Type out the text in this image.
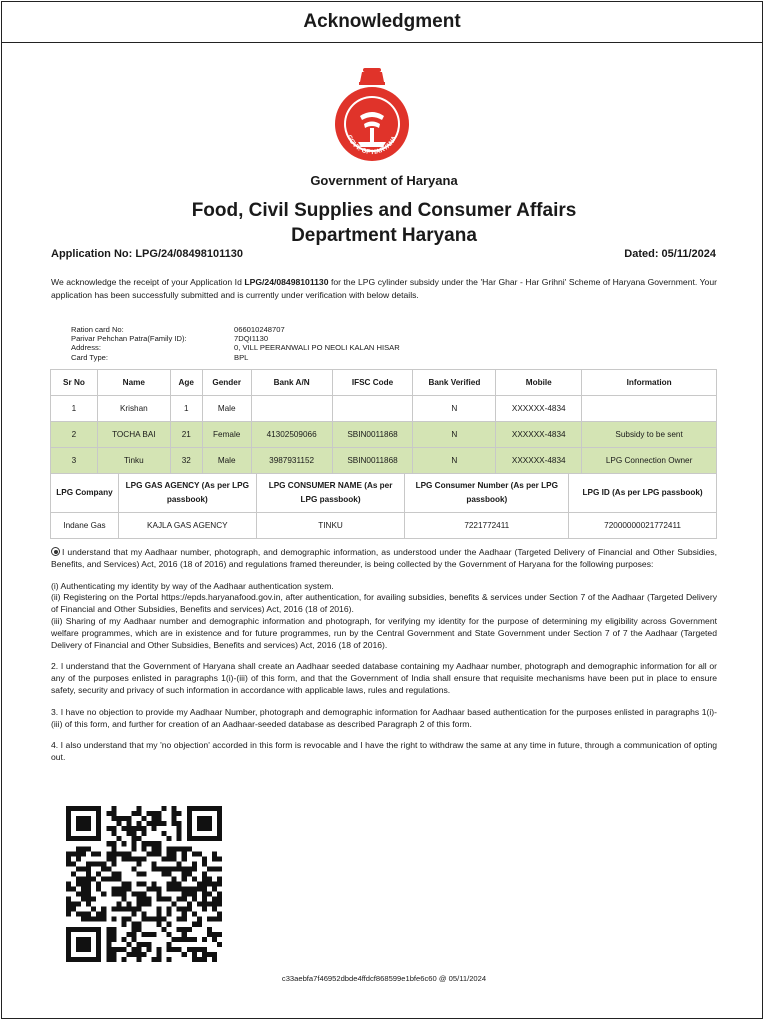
Acknowledgment
GOVT. OF HARYANA
Government of Haryana
Food, Civil Supplies and Consumer Affairs
Department Haryana
Application No: LPG/24/08498101130	Dated: 05/11/2024
We acknowledge the receipt of your Application Id LPG/24/08498101130 for the LPG cylinder subsidy under the 'Har Ghar - Har Grihni' Scheme of Haryana Government. Your application has been successfully submitted and is currently under verification with below details.
Ration card No:	066010248707
Parivar Pehchan Patra(Family ID):	7DQI1130
Address:	0, VILL PEERANWALI PO NEOLI KALAN HISAR
Card Type:	BPL
Sr No	Name	Age	Gender	Bank A/N	IFSC Code	Bank Verified	Mobile	Information
1	Krishan	1	Male			N	XXXXXX-4834	
2	TOCHA BAI	21	Female	41302509066	SBIN0011868	N	XXXXXX-4834	Subsidy to be sent
3	Tinku	32	Male	3987931152	SBIN0011868	N	XXXXXX-4834	LPG Connection Owner
LPG Company	LPG GAS AGENCY (As per LPG passbook)	LPG CONSUMER NAME (As per LPG passbook)	LPG Consumer Number (As per LPG passbook)	LPG ID (As per LPG passbook)
Indane Gas	KAJLA GAS AGENCY	TINKU	7221772411	72000000021772411

I understand that my Aadhaar number, photograph, and demographic information, as understood under the Aadhaar (Targeted Delivery of Financial and Other Subsidies, Benefits, and Services) Act, 2016 (18 of 2016) and regulations framed thereunder, is being collected by the Government of Haryana for the following purposes:

(i) Authenticating my identity by way of the Aadhaar authentication system.
(ii) Registering on the Portal https://epds.haryanafood.gov.in, after authentication, for availing subsidies, benefits & services under Section 7 of the Aadhaar (Targeted Delivery of Financial and Other Subsidies, Benefits and services) Act, 2016 (18 of 2016).
(iii) Sharing of my Aadhaar number and demographic information and photograph, for verifying my identity for the purpose of determining my eligibility across Government welfare programmes, which are in existence and for future programmes, run by the Central Government and State Government under Section 7 of 7 the Aadhaar (Targeted Delivery of Financial and Other Subsidies, Benefits and services) Act, 2016 (18 of 2016).

2. I understand that the Government of Haryana shall create an Aadhaar seeded database containing my Aadhaar number, photograph and demographic information for all or any of the purposes enlisted in paragraphs 1(i)-(iii) of this form, and that the Government of India shall ensure that requisite mechanisms have been put in place to ensure safety, security and privacy of such information in accordance with applicable laws, rules and regulations.

3. I have no objection to provide my Aadhaar Number, photograph and demographic information for Aadhaar based authentication for the purposes enlisted in paragraphs 1(i)-(iii) of this form, and further for creation of an Aadhaar-seeded database as described Paragraph 2 of this form.

4. I also understand that my 'no objection' accorded in this form is revocable and I have the right to withdraw the same at any time in future, through a communication of opting out.

c33aebfa7f46952dbde4ffdcf868599e1bfe6c60 @ 05/11/2024
